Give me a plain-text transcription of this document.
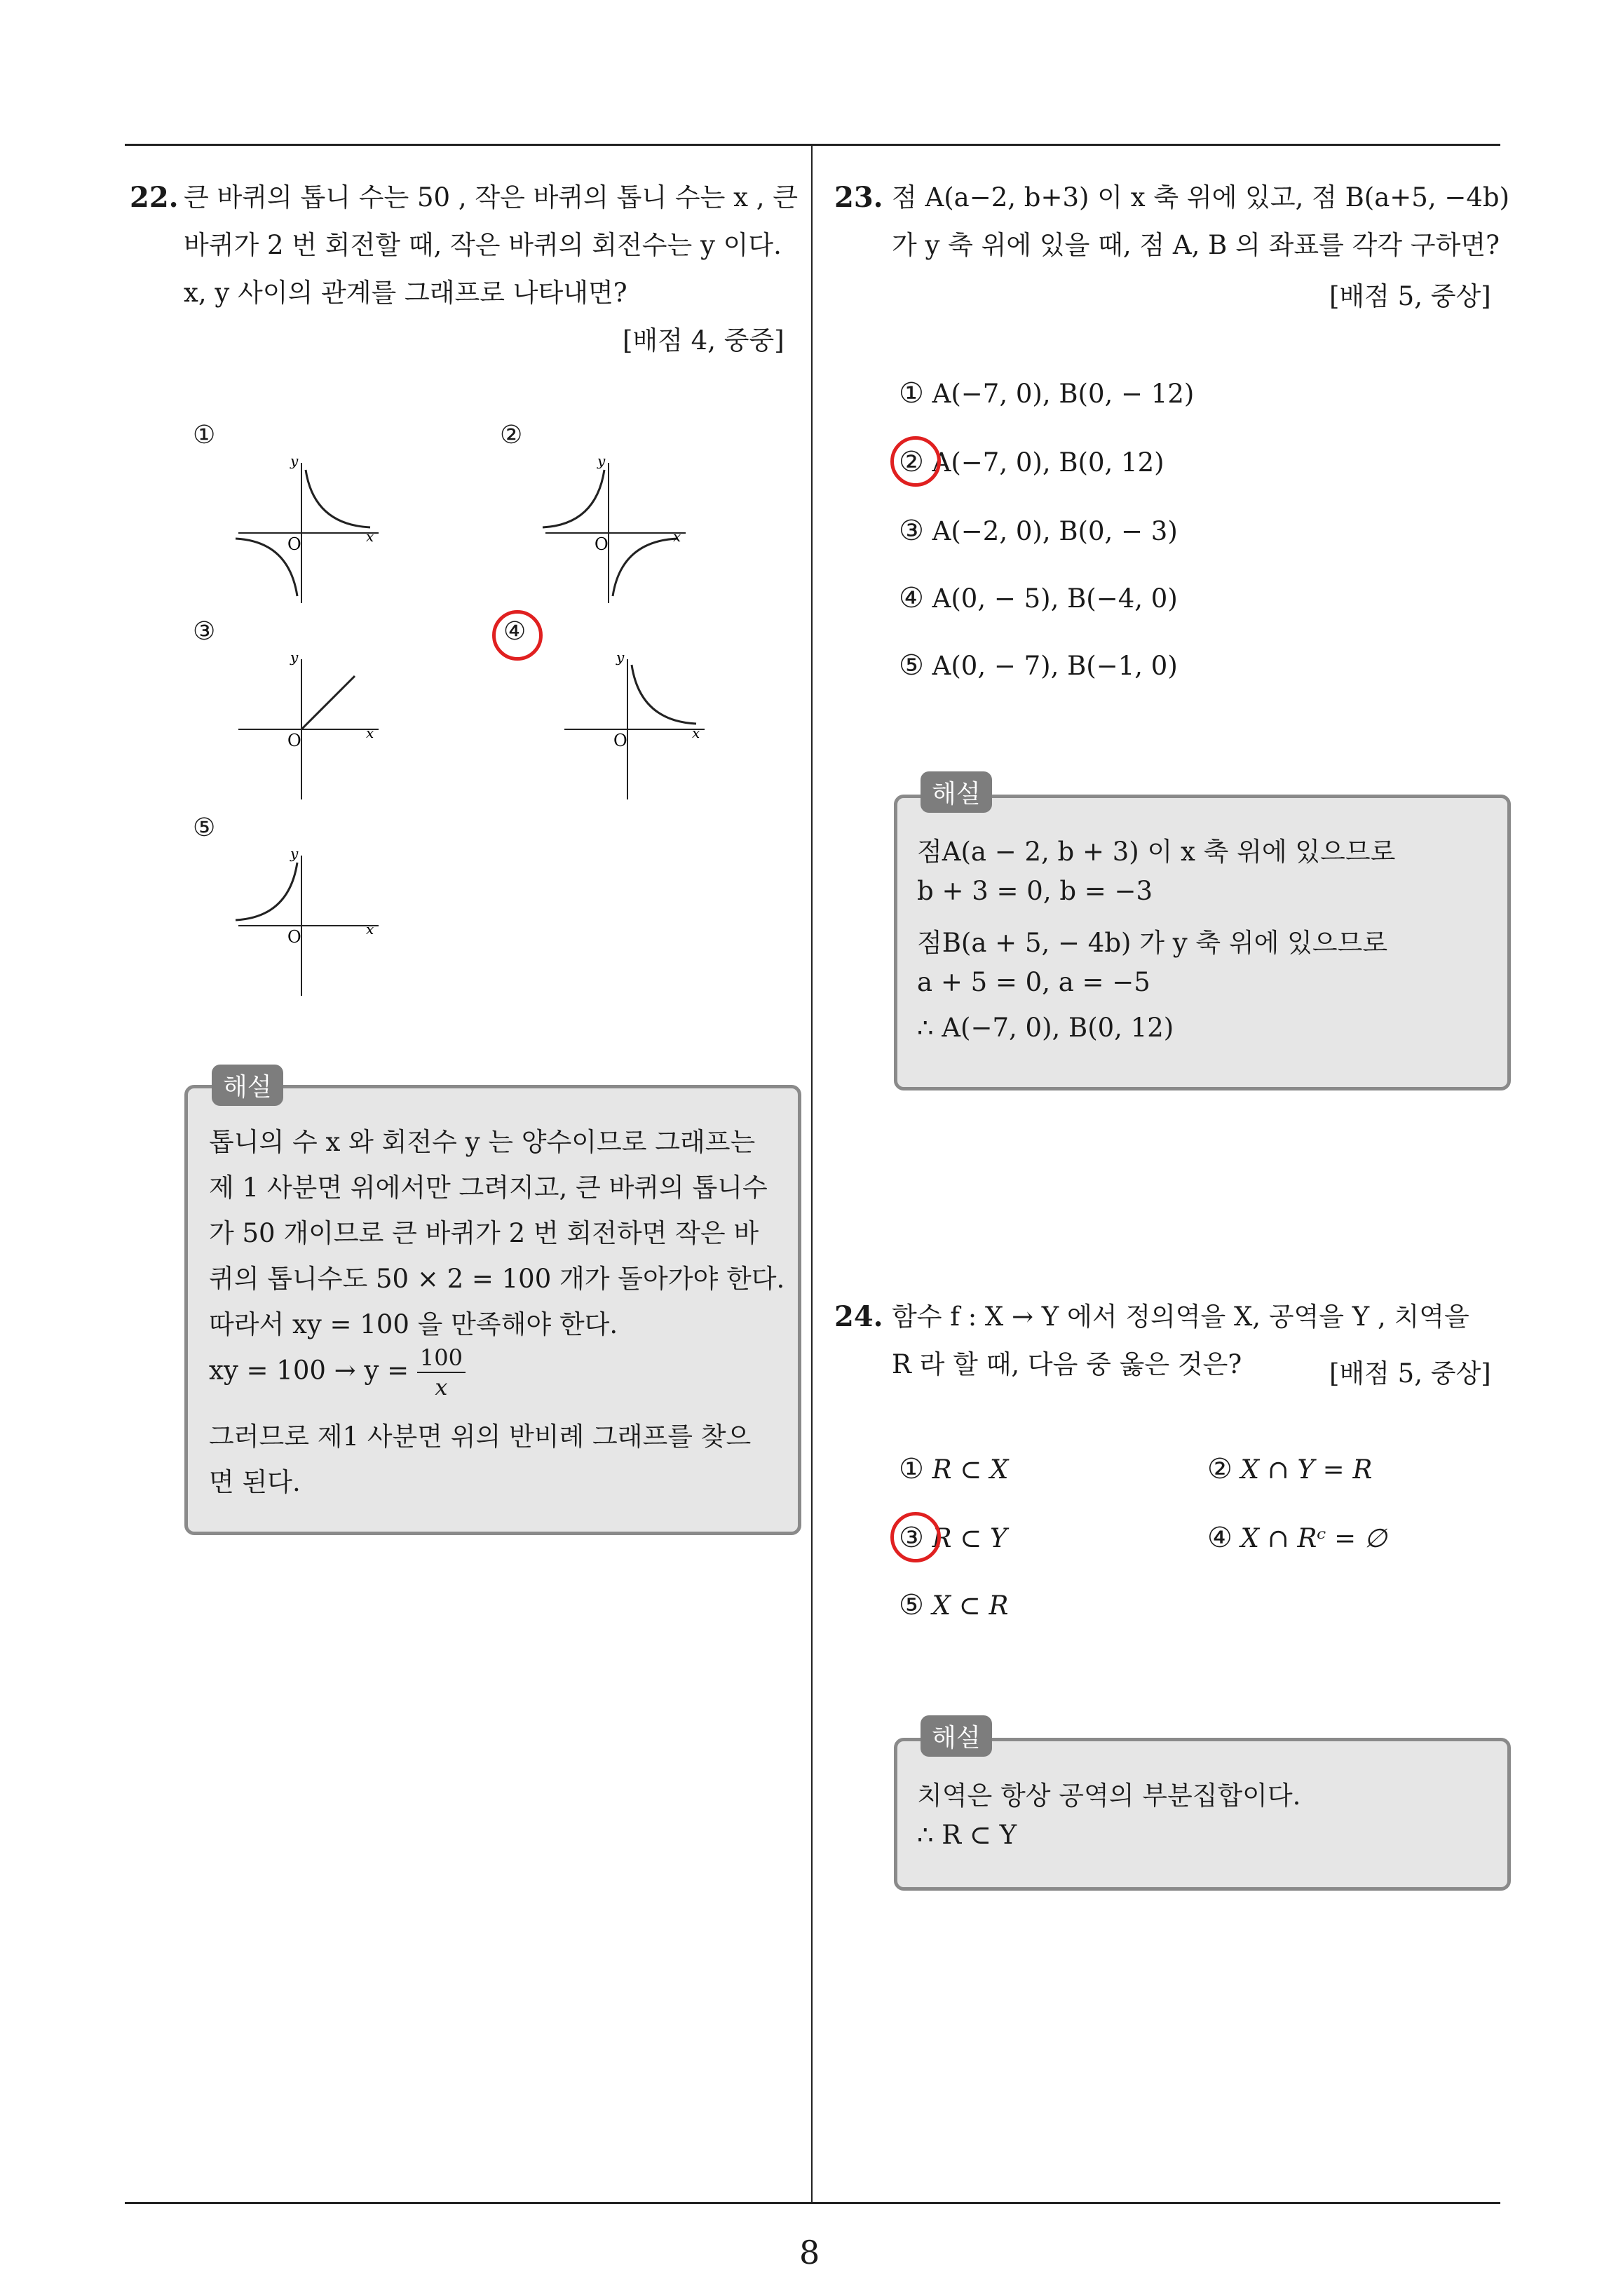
22. 큰 바퀴의 톱니 수는 50 , 작은 바퀴의 톱니 수는 x , 큰
바퀴가 2 번 회전할 때, 작은 바퀴의 회전수는 y 이다.
x, y 사이의 관계를 그래프로 나타내면?
[배점 4, 중중]
①	②
③	④
⑤
O
y
x	O
y
x
O
y
x	O
y
x
O
y
x
해설
톱니의 수 x 와 회전수 y 는 양수이므로 그래프는
제 1 사분면 위에서만 그려지고, 큰 바퀴의 톱니수
가 50 개이므로 큰 바퀴가 2 번 회전하면 작은 바
퀴의 톱니수도 50 × 2 = 100 개가 돌아가야 한다.
따라서 xy = 100 을 만족해야 한다.
xy = $100 \to y = \frac{100}{x}$
그러므로 제1 사분면 위의 반비례 그래프를 찾으
면 된다.
23. 점 A(a−2, b+3) 이 x 축 위에 있고, 점 B(a+5, −4b)
가 y 축 위에 있을 때, 점 A, B 의 좌표를 각각 구하면?
[배점 5, 중상]
① A(−7, 0), B(0, − 12)
② A(−7, 0), B(0, 12)
③ A(−2, 0), B(0, − 3)
④ A(0, − 5), B(−4, 0)
⑤ A(0, − 7), B(−1, 0)
해설
점A(a − 2, b + 3) 이 x 축 위에 있으므로
b + 3 = 0, b = −3
점B(a + 5, − 4b) 가 y 축 위에 있으므로
a + 5 = 0, a = −5
∴ A(−7, 0), B(0, 12)
24. 함수 f : X → Y 에서 정의역을 X, 공역을 Y , 치역을
R 라 할 때, 다음 중 옳은 것은?	[배점 5, 중상]
① R ⊂ X	② X ∩ Y = R
③ R ⊂ Y	④ X ∩ Rᶜ = ∅
⑤ X ⊂ R
해설
치역은 항상 공역의 부분집합이다.
∴ R ⊂ Y
8
